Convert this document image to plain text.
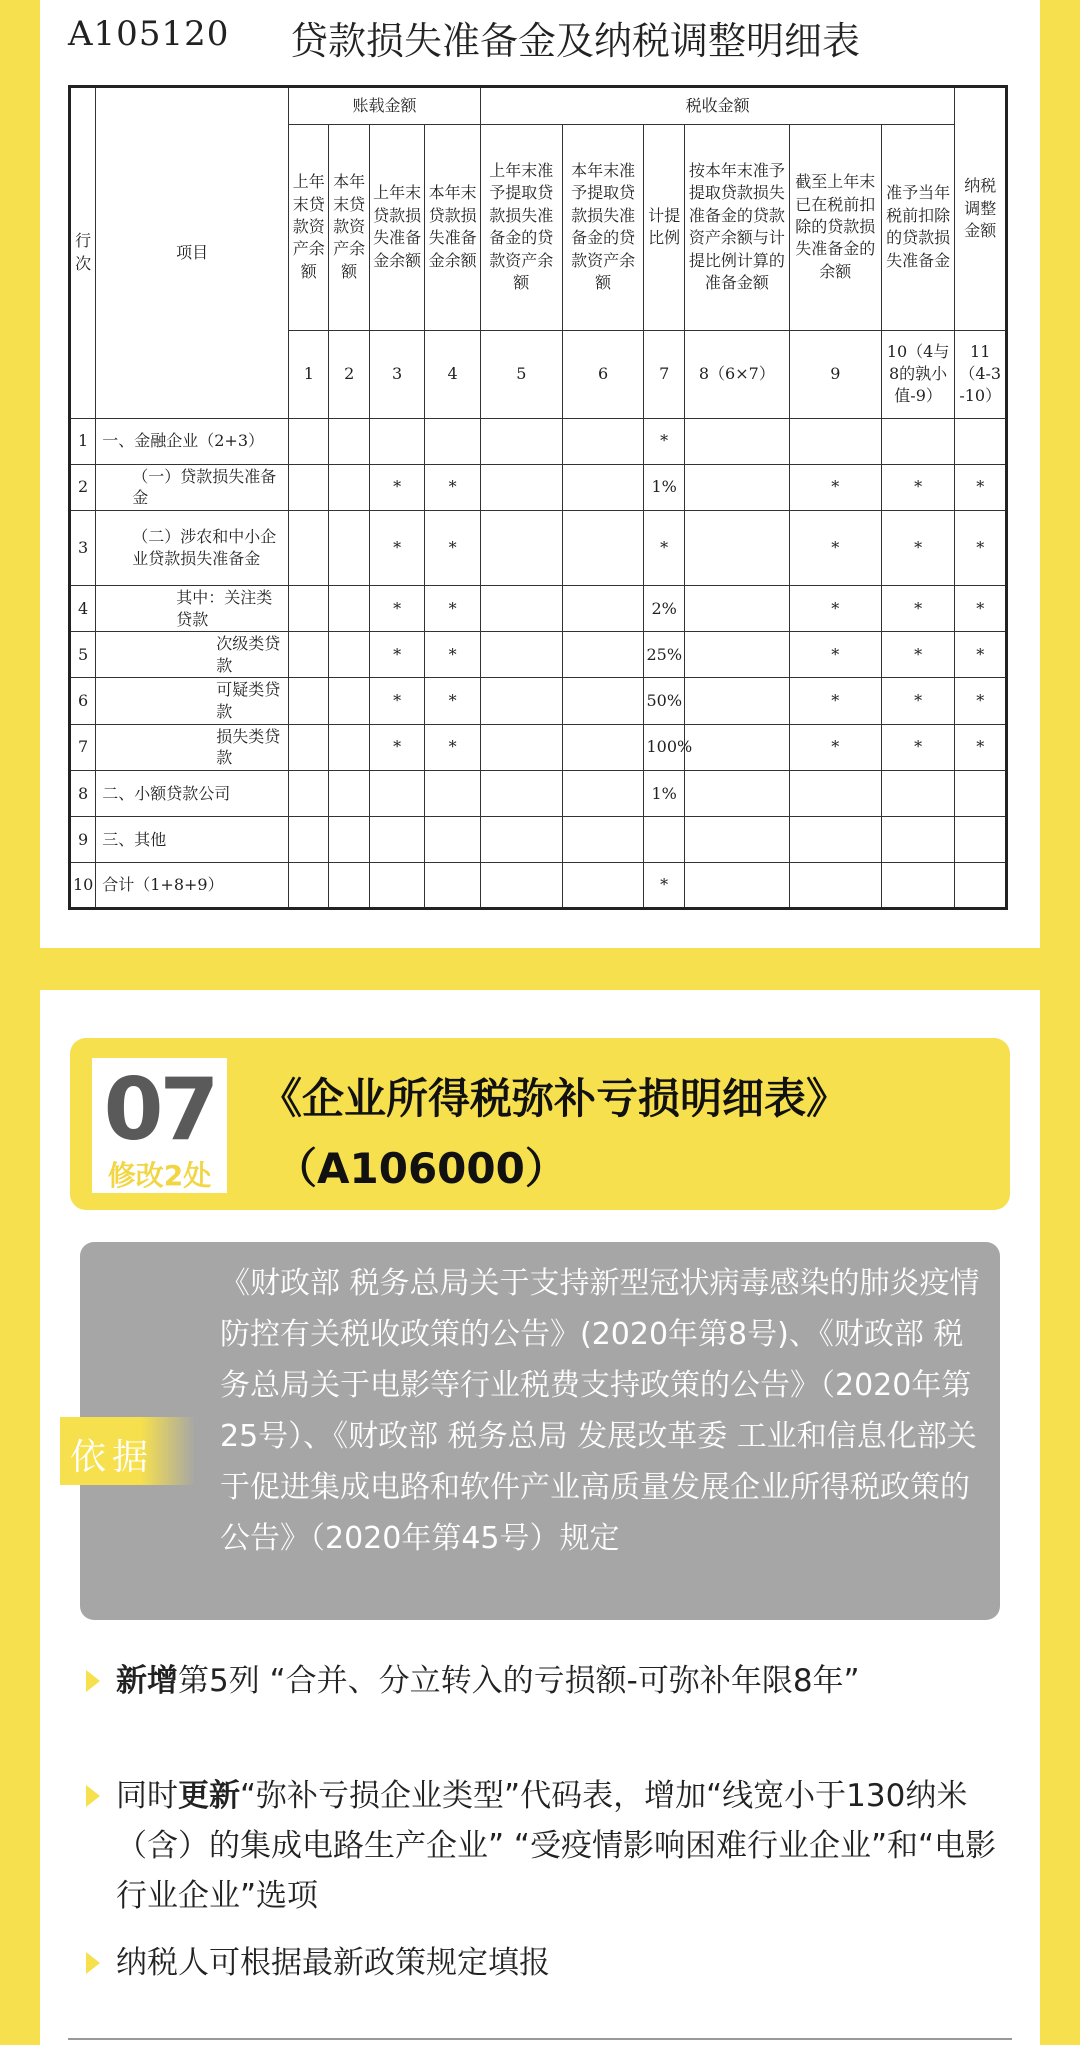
A105120 贷款损失准备金及纳税调整明细表
行次	项目	账载金额				税收金额						纳税调整金额
		上年末贷款资产余额	本年末贷款资产余额	上年末贷款损失准备金余额	本年末贷款损失准备金余额	上年末准予提取贷款损失准备金的贷款资产余额	本年末准予提取贷款损失准备金的贷款资产余额	计提比例	按本年末准予提取贷款损失准备金的贷款资产余额与计提比例计算的准备金额	截至上年末已在税前扣除的贷款损失准备金的余额	准予当年税前扣除的贷款损失准备金	
		1	2	3	4	5	6	7	8（6×7）	9	10（4与8的孰小值-9）	11（4-3-10）
1	一、金融企业（2+3）							*				
2	（一）贷款损失准备金			*	*			1%		*	*	*
3	（二）涉农和中小企业贷款损失准备金			*	*			*		*	*	*
4	其中：关注类贷款			*	*			2%		*	*	*
5	次级类贷款			*	*			25%		*	*	*
6	可疑类贷款			*	*			50%		*	*	*
7	损失类贷款			*	*			100%		*	*	*
8	二、小额贷款公司							1%				
9	三、其他											
10	合计（1+8+9）							*				
07
修改2处
《企业所得税弥补亏损明细表》
（A106000）
依据
《财政部 税务总局关于支持新型冠状病毒感染的肺炎疫情防控有关税收政策的公告》(2020年第8号)、《财政部 税务总局关于电影等行业税费支持政策的公告》（2020年第25号）、《财政部 税务总局 发展改革委 工业和信息化部关于促进集成电路和软件产业高质量发展企业所得税政策的公告》（2020年第45号）规定
新增第5列 “合并、分立转入的亏损额-可弥补年限8年”
同时更新“弥补亏损企业类型”代码表，增加“线宽小于130纳米（含）的集成电路生产企业” “受疫情影响困难行业企业”和“电影行业企业”选项
纳税人可根据最新政策规定填报
